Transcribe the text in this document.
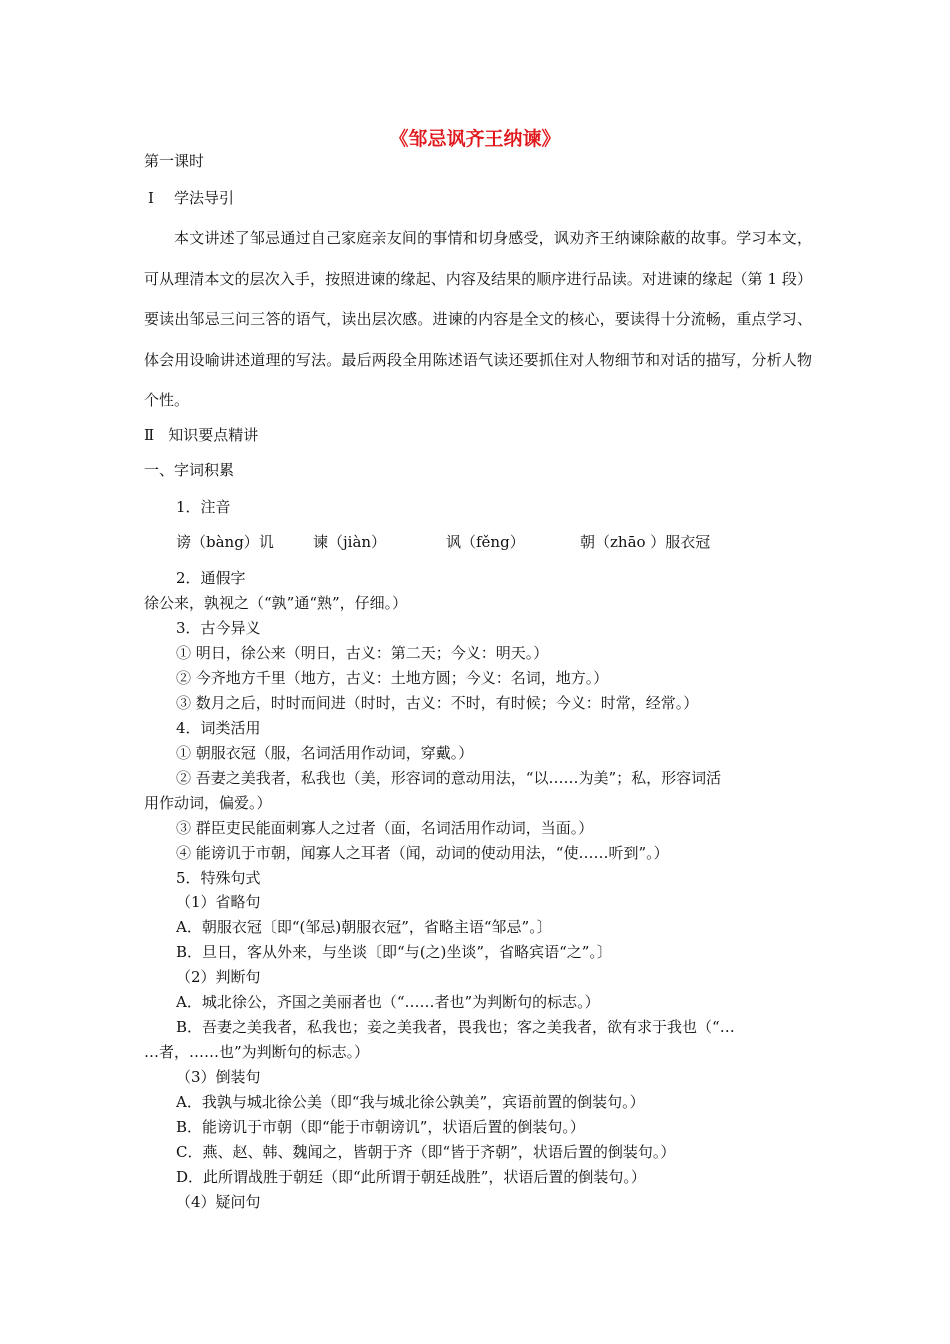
《邹忌讽齐王纳谏》
第一课时
Ⅰ 学法导引
本文讲述了邹忌通过自己家庭亲友间的事情和切身感受，讽劝齐王纳谏除蔽的故事。学习本文，可从理清本文的层次入手，按照进谏的缘起、内容及结果的顺序进行品读。对进谏的缘起（第 1 段）要读出邹忌三问三答的语气，读出层次感。进谏的内容是全文的核心，要读得十分流畅，重点学习、体会用设喻讲述道理的写法。最后两段全用陈述语气读还要抓住对人物细节和对话的描写，分析人物个性。
Ⅱ 知识要点精讲
一、字词积累
1．注音
谤（bàng）讥	谏（jiàn）	讽（fěng）	朝（zhāo ）服衣冠
2．通假字
徐公来，孰视之（“孰”通“熟”，仔细。）
3．古今异义
① 明日，徐公来（明日，古义：第二天；今义：明天。）
② 今齐地方千里（地方，古义：土地方圆；今义：名词，地方。）
③ 数月之后，时时而间进（时时，古义：不时，有时候；今义：时常，经常。）
4．词类活用
① 朝服衣冠（服，名词活用作动词，穿戴。）
② 吾妻之美我者，私我也（美，形容词的意动用法，“以……为美”；私，形容词活
用作动词，偏爱。）
③ 群臣吏民能面刺寡人之过者（面，名词活用作动词，当面。）
④ 能谤讥于市朝，闻寡人之耳者（闻，动词的使动用法，“使……听到”。）
5．特殊句式
（1）省略句
A．朝服衣冠〔即“(邹忌)朝服衣冠”，省略主语“邹忌”。〕
B．旦日，客从外来，与坐谈〔即“与(之)坐谈”，省略宾语“之”。〕
（2）判断句
A．城北徐公，齐国之美丽者也（“……者也”为判断句的标志。）
B．吾妻之美我者，私我也；妾之美我者，畏我也；客之美我者，欲有求于我也（“…
…者，……也”为判断句的标志。）
（3）倒装句
A．我孰与城北徐公美（即“我与城北徐公孰美”，宾语前置的倒装句。）
B．能谤讥于市朝（即“能于市朝谤讥”，状语后置的倒装句。）
C．燕、赵、韩、魏闻之，皆朝于齐（即“皆于齐朝”，状语后置的倒装句。）
D．此所谓战胜于朝廷（即“此所谓于朝廷战胜”，状语后置的倒装句。）
（4）疑问句
